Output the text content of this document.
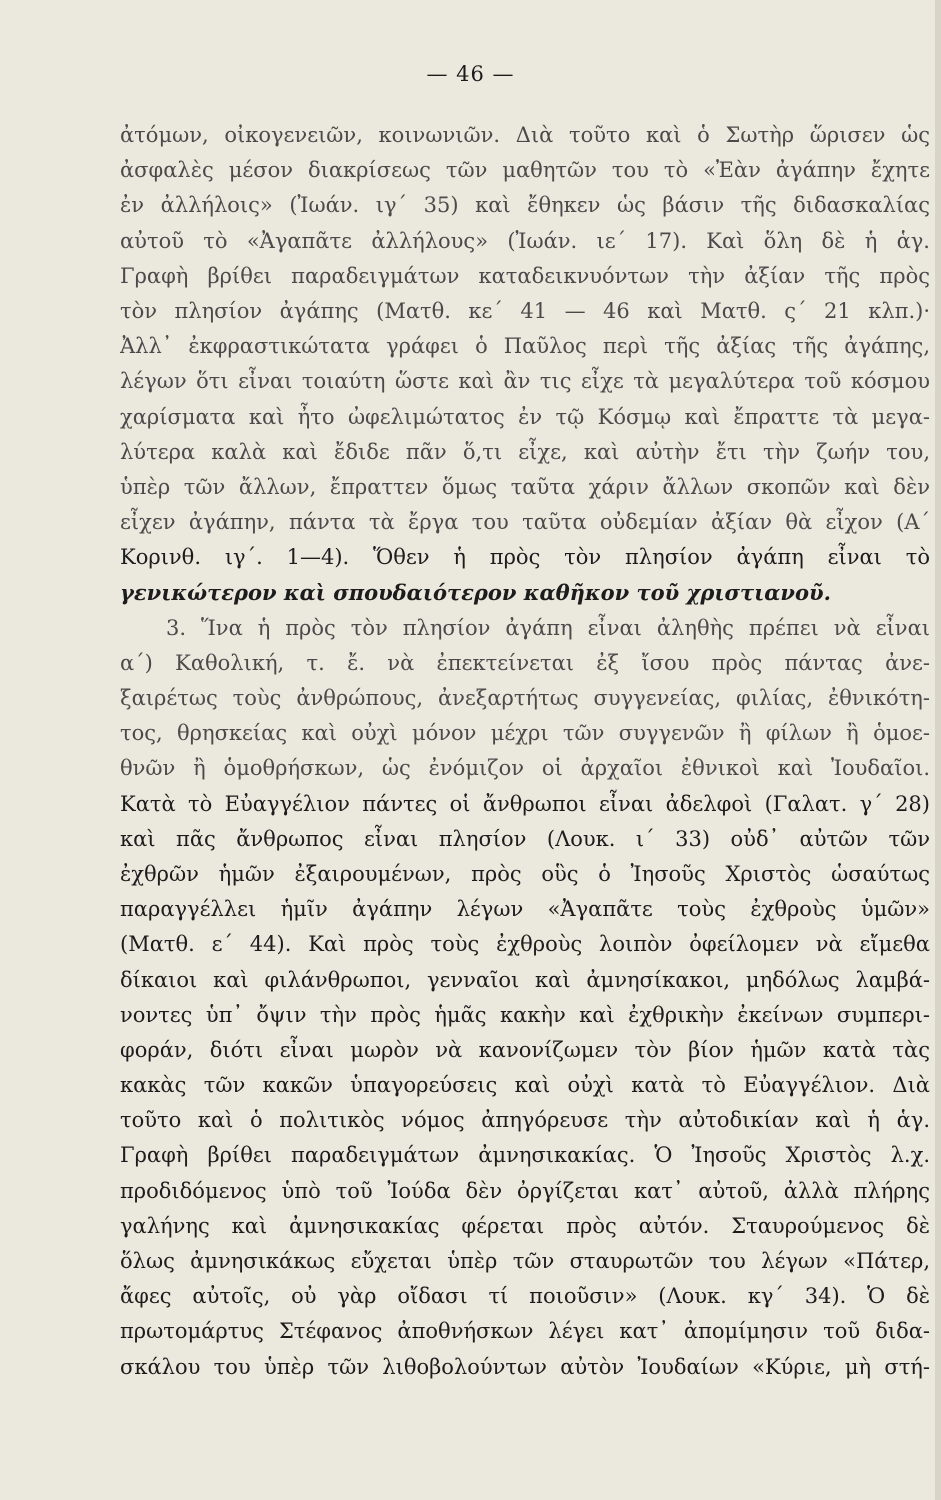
— 46 —
ἀτόμων, οἰκογενειῶν, κοινωνιῶν. Διὰ τοῦτο καὶ ὁ Σωτὴρ ὥρισεν ὡς
ἀσφαλὲς μέσον διακρίσεως τῶν μαθητῶν του τὸ «Ἐὰν ἀγάπην ἔχητε
ἐν ἀλλήλοις» (Ἰωάν. ιγ΄ 35) καὶ ἔθηκεν ὡς βάσιν τῆς διδασκαλίας
αὐτοῦ τὸ «Ἀγαπᾶτε ἀλλήλους» (Ἰωάν. ιε΄ 17). Καὶ ὅλη δὲ ἡ ἁγ.
Γραφὴ βρίθει παραδειγμάτων καταδεικνυόντων τὴν ἀξίαν τῆς πρὸς
τὸν πλησίον ἀγάπης (Ματθ. κε΄ 41 — 46 καὶ Ματθ. ς΄ 21 κλπ.)·
Ἀλλ᾿ ἐκφραστικώτατα γράφει ὁ Παῦλος περὶ τῆς ἀξίας τῆς ἀγάπης,
λέγων ὅτι εἶναι τοιαύτη ὥστε καὶ ἂν τις εἶχε τὰ μεγαλύτερα τοῦ κόσμου
χαρίσματα καὶ ἦτο ὠφελιμώτατος ἐν τῷ Κόσμῳ καὶ ἔπραττε τὰ μεγα-
λύτερα καλὰ καὶ ἔδιδε πᾶν ὅ,τι εἶχε, καὶ αὐτὴν ἔτι τὴν ζωήν του,
ὑπὲρ τῶν ἄλλων, ἔπραττεν ὅμως ταῦτα χάριν ἄλλων σκοπῶν καὶ δὲν
εἶχεν ἀγάπην, πάντα τὰ ἔργα του ταῦτα οὐδεμίαν ἀξίαν θὰ εἶχον (Α΄
Κορινθ. ιγ΄. 1—4). Ὅθεν ἡ πρὸς τὸν πλησίον ἀγάπη εἶναι τὸ
γενικώτερον καὶ σπουδαιότερον καθῆκον τοῦ χριστιανοῦ.
3. Ἵνα ἡ πρὸς τὸν πλησίον ἀγάπη εἶναι ἀληθὴς πρέπει νὰ εἶναι
α΄) Καθολική, τ. ἔ. νὰ ἐπεκτείνεται ἐξ ἴσου πρὸς πάντας ἀνε-
ξαιρέτως τοὺς ἀνθρώπους, ἀνεξαρτήτως συγγενείας, φιλίας, ἐθνικότη-
τος, θρησκείας καὶ οὐχὶ μόνον μέχρι τῶν συγγενῶν ἢ φίλων ἢ ὁμοε-
θνῶν ἢ ὁμοθρήσκων, ὡς ἐνόμιζον οἱ ἀρχαῖοι ἐθνικοὶ καὶ Ἰουδαῖοι.
Κατὰ τὸ Εὐαγγέλιον πάντες οἱ ἄνθρωποι εἶναι ἀδελφοὶ (Γαλατ. γ΄ 28)
καὶ πᾶς ἄνθρωπος εἶναι πλησίον (Λουκ. ι΄ 33) οὐδ᾿ αὐτῶν τῶν
ἐχθρῶν ἡμῶν ἐξαιρουμένων, πρὸς οὓς ὁ Ἰησοῦς Χριστὸς ὡσαύτως
παραγγέλλει ἡμῖν ἀγάπην λέγων «Ἀγαπᾶτε τοὺς ἐχθροὺς ὑμῶν»
(Ματθ. ε΄ 44). Καὶ πρὸς τοὺς ἐχθροὺς λοιπὸν ὀφείλομεν νὰ εἴμεθα
δίκαιοι καὶ φιλάνθρωποι, γενναῖοι καὶ ἀμνησίκακοι, μηδόλως λαμβά-
νοντες ὑπ᾿ ὄψιν τὴν πρὸς ἡμᾶς κακὴν καὶ ἐχθρικὴν ἐκείνων συμπερι-
φοράν, διότι εἶναι μωρὸν νὰ κανονίζωμεν τὸν βίον ἡμῶν κατὰ τὰς
κακὰς τῶν κακῶν ὑπαγορεύσεις καὶ οὐχὶ κατὰ τὸ Εὐαγγέλιον. Διὰ
τοῦτο καὶ ὁ πολιτικὸς νόμος ἀπηγόρευσε τὴν αὐτοδικίαν καὶ ἡ ἁγ.
Γραφὴ βρίθει παραδειγμάτων ἀμνησικακίας. Ὁ Ἰησοῦς Χριστὸς λ.χ.
προδιδόμενος ὑπὸ τοῦ Ἰούδα δὲν ὀργίζεται κατ᾿ αὐτοῦ, ἀλλὰ πλήρης
γαλήνης καὶ ἀμνησικακίας φέρεται πρὸς αὐτόν. Σταυρούμενος δὲ
ὅλως ἀμνησικάκως εὔχεται ὑπὲρ τῶν σταυρωτῶν του λέγων «Πάτερ,
ἄφες αὐτοῖς, οὐ γὰρ οἴδασι τί ποιοῦσιν» (Λουκ. κγ΄ 34). Ὁ δὲ
πρωτομάρτυς Στέφανος ἀποθνήσκων λέγει κατ᾿ ἀπομίμησιν τοῦ διδα-
σκάλου του ὑπὲρ τῶν λιθοβολούντων αὐτὸν Ἰουδαίων «Κύριε, μὴ στή-
